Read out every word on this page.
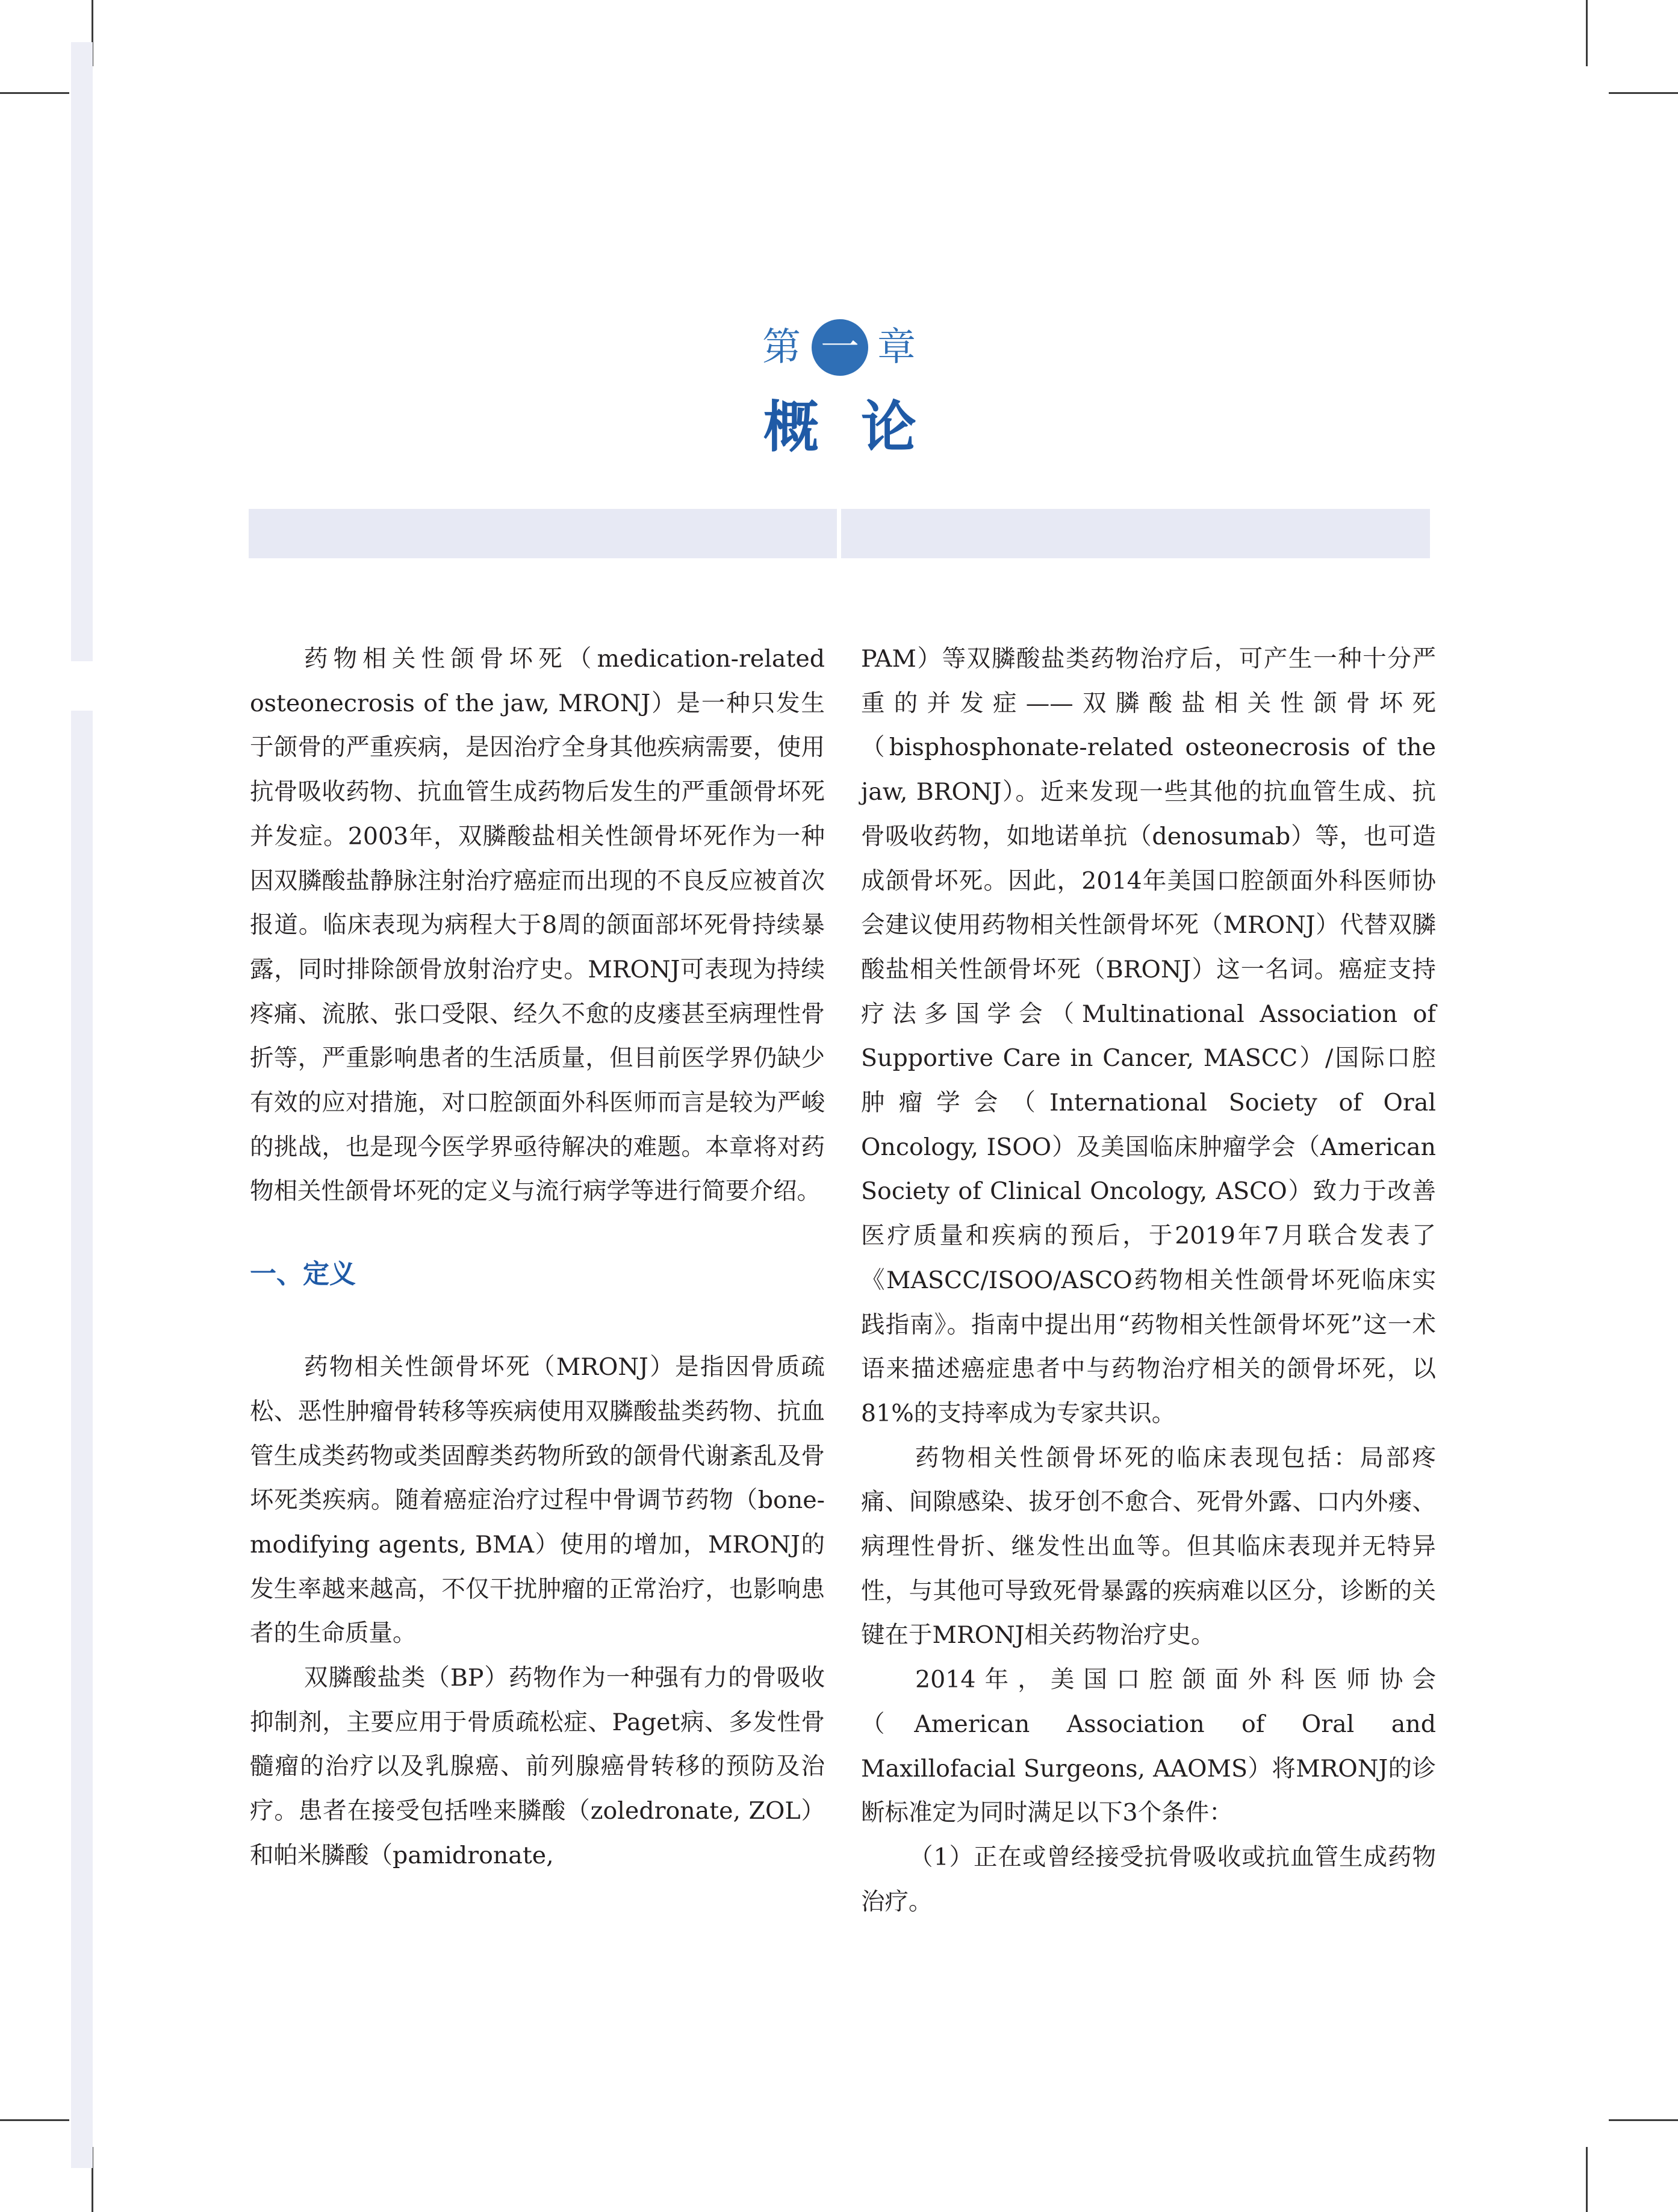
第 一 章
概论

药物相关性颌骨坏死（medication-related osteonecrosis of the jaw, MRONJ）是一种只发生于颌骨的严重疾病，是因治疗全身其他疾病需要，使用抗骨吸收药物、抗血管生成药物后发生的严重颌骨坏死并发症。2003年，双膦酸盐相关性颌骨坏死作为一种因双膦酸盐静脉注射治疗癌症而出现的不良反应被首次报道。临床表现为病程大于8周的颌面部坏死骨持续暴露，同时排除颌骨放射治疗史。MRONJ可表现为持续疼痛、流脓、张口受限、经久不愈的皮瘘甚至病理性骨折等，严重影响患者的生活质量，但目前医学界仍缺少有效的应对措施，对口腔颌面外科医师而言是较为严峻的挑战，也是现今医学界亟待解决的难题。本章将对药物相关性颌骨坏死的定义与流行病学等进行简要介绍。

一、定义

药物相关性颌骨坏死（MRONJ）是指因骨质疏松、恶性肿瘤骨转移等疾病使用双膦酸盐类药物、抗血管生成类药物或类固醇类药物所致的颌骨代谢紊乱及骨坏死类疾病。随着癌症治疗过程中骨调节药物（bone-modifying agents, BMA）使用的增加，MRONJ的发生率越来越高，不仅干扰肿瘤的正常治疗，也影响患者的生命质量。

双膦酸盐类（BP）药物作为一种强有力的骨吸收抑制剂，主要应用于骨质疏松症、Paget病、多发性骨髓瘤的治疗以及乳腺癌、前列腺癌骨转移的预防及治疗。患者在接受包括唑来膦酸（zoledronate, ZOL）和帕米膦酸（pamidronate,

PAM）等双膦酸盐类药物治疗后，可产生一种十分严重的并发症——双膦酸盐相关性颌骨坏死（bisphosphonate-related osteonecrosis of the jaw, BRONJ）。近来发现一些其他的抗血管生成、抗骨吸收药物，如地诺单抗（denosumab）等，也可造成颌骨坏死。因此，2014年美国口腔颌面外科医师协会建议使用药物相关性颌骨坏死（MRONJ）代替双膦酸盐相关性颌骨坏死（BRONJ）这一名词。癌症支持疗法多国学会（Multinational Association of Supportive Care in Cancer, MASCC）/国际口腔肿瘤学会（International Society of Oral Oncology, ISOO）及美国临床肿瘤学会（American Society of Clinical Oncology, ASCO）致力于改善医疗质量和疾病的预后，于2019年7月联合发表了《MASCC/ISOO/ASCO药物相关性颌骨坏死临床实践指南》。指南中提出用“药物相关性颌骨坏死”这一术语来描述癌症患者中与药物治疗相关的颌骨坏死，以81%的支持率成为专家共识。

药物相关性颌骨坏死的临床表现包括：局部疼痛、间隙感染、拔牙创不愈合、死骨外露、口内外瘘、病理性骨折、继发性出血等。但其临床表现并无特异性，与其他可导致死骨暴露的疾病难以区分，诊断的关键在于MRONJ相关药物治疗史。

2014年，美国口腔颌面外科医师协会（American Association of Oral and Maxillofacial Surgeons, AAOMS）将MRONJ的诊断标准定为同时满足以下3个条件：

（1）正在或曾经接受抗骨吸收或抗血管生成药物治疗。
